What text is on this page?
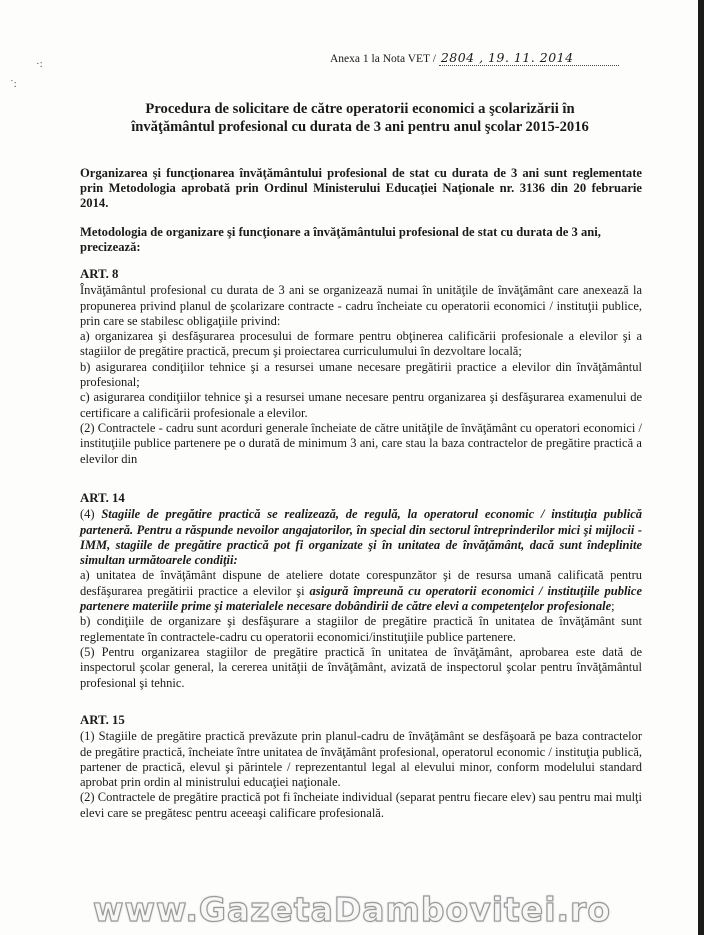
·:
˙:
Anexa 1 la Nota VET / 2804 , 19. 11. 2014
Procedura de solicitare de către operatorii economici a şcolarizării în
învăţământul profesional cu durata de 3 ani pentru anul şcolar 2015-2016

Organizarea şi funcţionarea învăţământului profesional de stat cu durata de 3 ani sunt reglementate prin Metodologia aprobată prin Ordinul Ministerului Educaţiei Naţionale nr. 3136 din 20 februarie 2014.

Metodologia de organizare şi funcţionare a învăţământului profesional de stat cu durata de 3 ani, precizează:

ART. 8

Învăţământul profesional cu durata de 3 ani se organizează numai în unităţile de învăţământ care anexează la propunerea privind planul de şcolarizare contracte - cadru încheiate cu operatorii economici / instituţii publice, prin care se stabilesc obligaţiile privind:

a) organizarea şi desfăşurarea procesului de formare pentru obţinerea calificării profesionale a elevilor şi a stagiilor de pregătire practică, precum şi proiectarea curriculumului în dezvoltare locală;

b) asigurarea condiţiilor tehnice şi a resursei umane necesare pregătirii practice a elevilor din învăţământul profesional;

c) asigurarea condiţiilor tehnice şi a resursei umane necesare pentru organizarea şi desfăşurarea examenului de certificare a calificării profesionale a elevilor.

(2) Contractele - cadru sunt acorduri generale încheiate de către unităţile de învăţământ cu operatori economici / instituţiile publice partenere pe o durată de minimum 3 ani, care stau la baza contractelor de pregătire practică a elevilor din

ART. 14

(4) Stagiile de pregătire practică se realizează, de regulă, la operatorul economic / instituţia publică parteneră. Pentru a răspunde nevoilor angajatorilor, în special din sectorul întreprinderilor mici şi mijlocii - IMM, stagiile de pregătire practică pot fi organizate şi în unitatea de învăţământ, dacă sunt îndeplinite simultan următoarele condiţii:

a) unitatea de învăţământ dispune de ateliere dotate corespunzător şi de resursa umană calificată pentru desfăşurarea pregătirii practice a elevilor şi asigură împreună cu operatorii economici / instituţiile publice partenere materiile prime şi materialele necesare dobândirii de către elevi a competenţelor profesionale;

b) condiţiile de organizare şi desfăşurare a stagiilor de pregătire practică în unitatea de învăţământ sunt reglementate în contractele-cadru cu operatorii economici/instituţiile publice partenere.

(5) Pentru organizarea stagiilor de pregătire practică în unitatea de învăţământ, aprobarea este dată de inspectorul şcolar general, la cererea unităţii de învăţământ, avizată de inspectorul şcolar pentru învăţământul profesional şi tehnic.

ART. 15

(1) Stagiile de pregătire practică prevăzute prin planul-cadru de învăţământ se desfăşoară pe baza contractelor de pregătire practică, încheiate între unitatea de învăţământ profesional, operatorul economic / instituţia publică, partener de practică, elevul şi părintele / reprezentantul legal al elevului minor, conform modelului standard aprobat prin ordin al ministrului educaţiei naţionale.

(2) Contractele de pregătire practică pot fi încheiate individual (separat pentru fiecare elev) sau pentru mai mulţi elevi care se pregătesc pentru aceeaşi calificare profesională.

www.GazetaDambovitei.ro
